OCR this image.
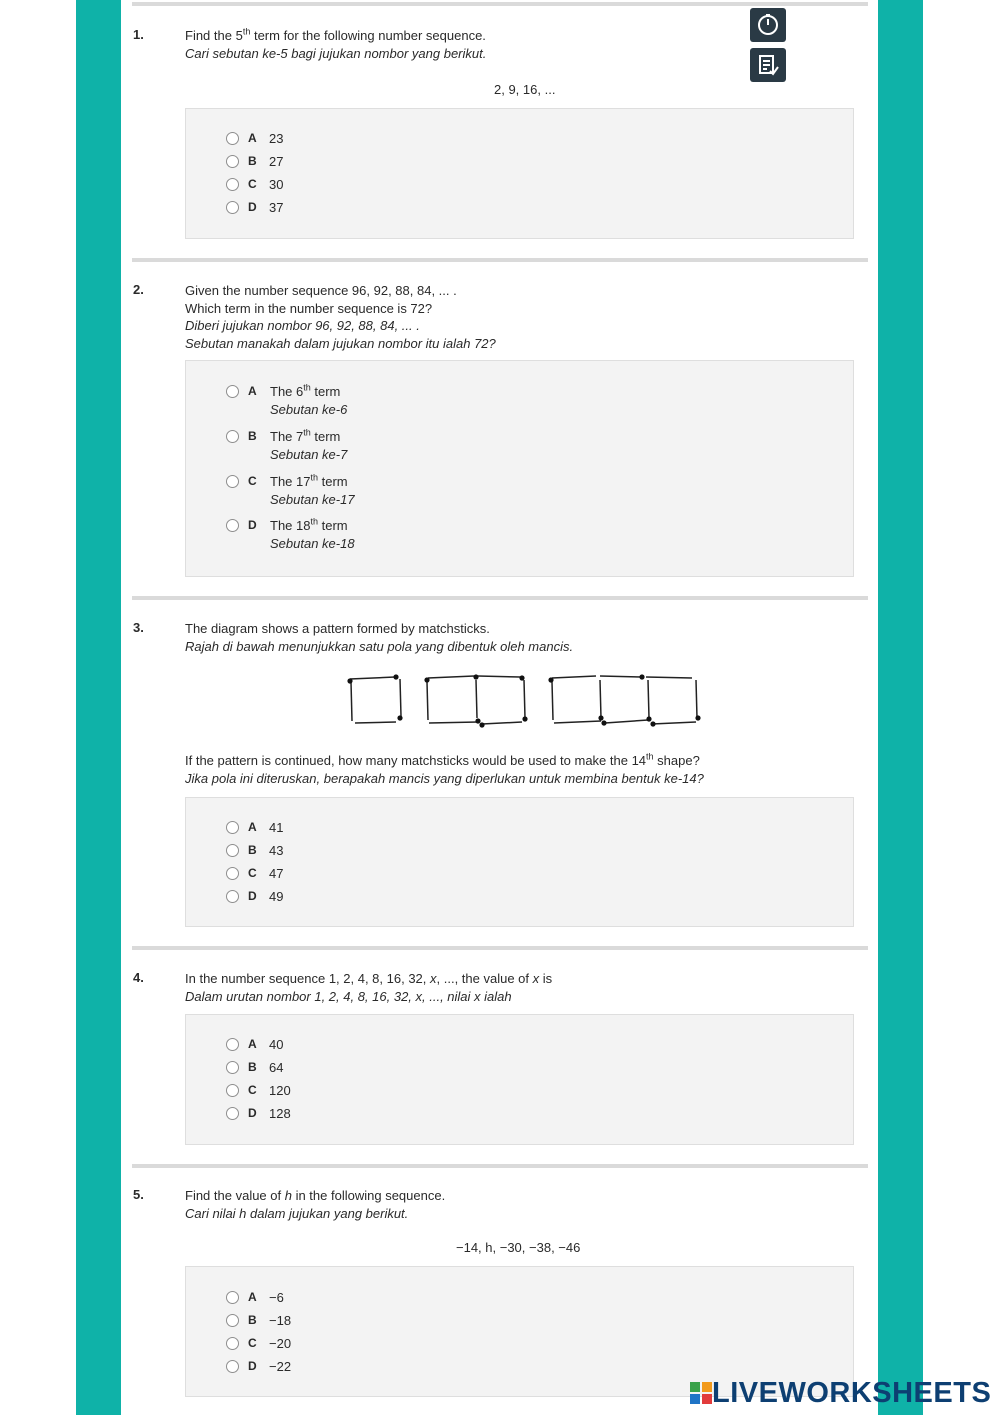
1.	Find the 5th term for the following number sequence.
Cari sebutan ke-5 bagi jujukan nombor yang berikut.
2, 9, 16, ...
A 23
B 27
C 30
D 37
2.	Given the number sequence 96, 92, 88, 84, ... .
Which term in the number sequence is 72?
Diberi jujukan nombor 96, 92, 88, 84, ... .
Sebutan manakah dalam jujukan nombor itu ialah 72?
A The 6th term
Sebutan ke-6
B The 7th term
Sebutan ke-7
C The 17th term
Sebutan ke-17
D The 18th term
Sebutan ke-18
3.	The diagram shows a pattern formed by matchsticks.
Rajah di bawah menunjukkan satu pola yang dibentuk oleh mancis.
If the pattern is continued, how many matchsticks would be used to make the 14th shape?
Jika pola ini diteruskan, berapakah mancis yang diperlukan untuk membina bentuk ke-14?
A 41
B 43
C 47
D 49
4.	In the number sequence 1, 2, 4, 8, 16, 32, x, ..., the value of x is
Dalam urutan nombor 1, 2, 4, 8, 16, 32, x, ..., nilai x ialah
A 40
B 64
C 120
D 128
5.	Find the value of h in the following sequence.
Cari nilai h dalam jujukan yang berikut.
−14, h, −30, −38, −46
A −6
B −18
C −20
D −22
LIVEWORKSHEETS
